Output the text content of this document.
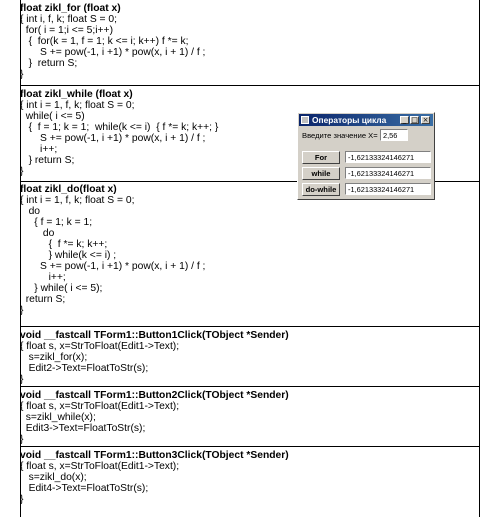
float zikl_for (float x)
{ int i, f, k; float S = 0;
for( i = 1;i <= 5;i++)
{  for(k = 1, f = 1; k <= i; k++) f *= k;
S += pow(-1, i +1) * pow(x, i + 1) / f ;
}  return S;
}
float zikl_while (float x)
{ int i = 1, f, k; float S = 0;
while( i <= 5)
{  f = 1; k = 1;  while(k <= i)  { f *= k; k++; }
S += pow(-1, i +1) * pow(x, i + 1) / f ;
i++;
} return S;
}
float zikl_do(float x)
{ int i = 1, f, k; float S = 0;
do
{ f = 1; k = 1;
do
{  f *= k; k++;
} while(k <= i) ;
S += pow(-1, i +1) * pow(x, i + 1) / f ;
i++;
} while( i <= 5);
return S;
}
void __fastcall TForm1::Button1Click(TObject *Sender)
{ float s, x=StrToFloat(Edit1->Text);
s=zikl_for(x);
Edit2->Text=FloatToStr(s);
}
void __fastcall TForm1::Button2Click(TObject *Sender)
{ float s, x=StrToFloat(Edit1->Text);
s=zikl_while(x);
Edit3->Text=FloatToStr(s);
}
void __fastcall TForm1::Button3Click(TObject *Sender)
{ float s, x=StrToFloat(Edit1->Text);
s=zikl_do(x);
Edit4->Text=FloatToStr(s);
}
Операторы цикла	_ □ ×
Введите значение X= 2,56
For	-1,62133324146271
while	-1,62133324146271
do-while	-1,62133324146271
